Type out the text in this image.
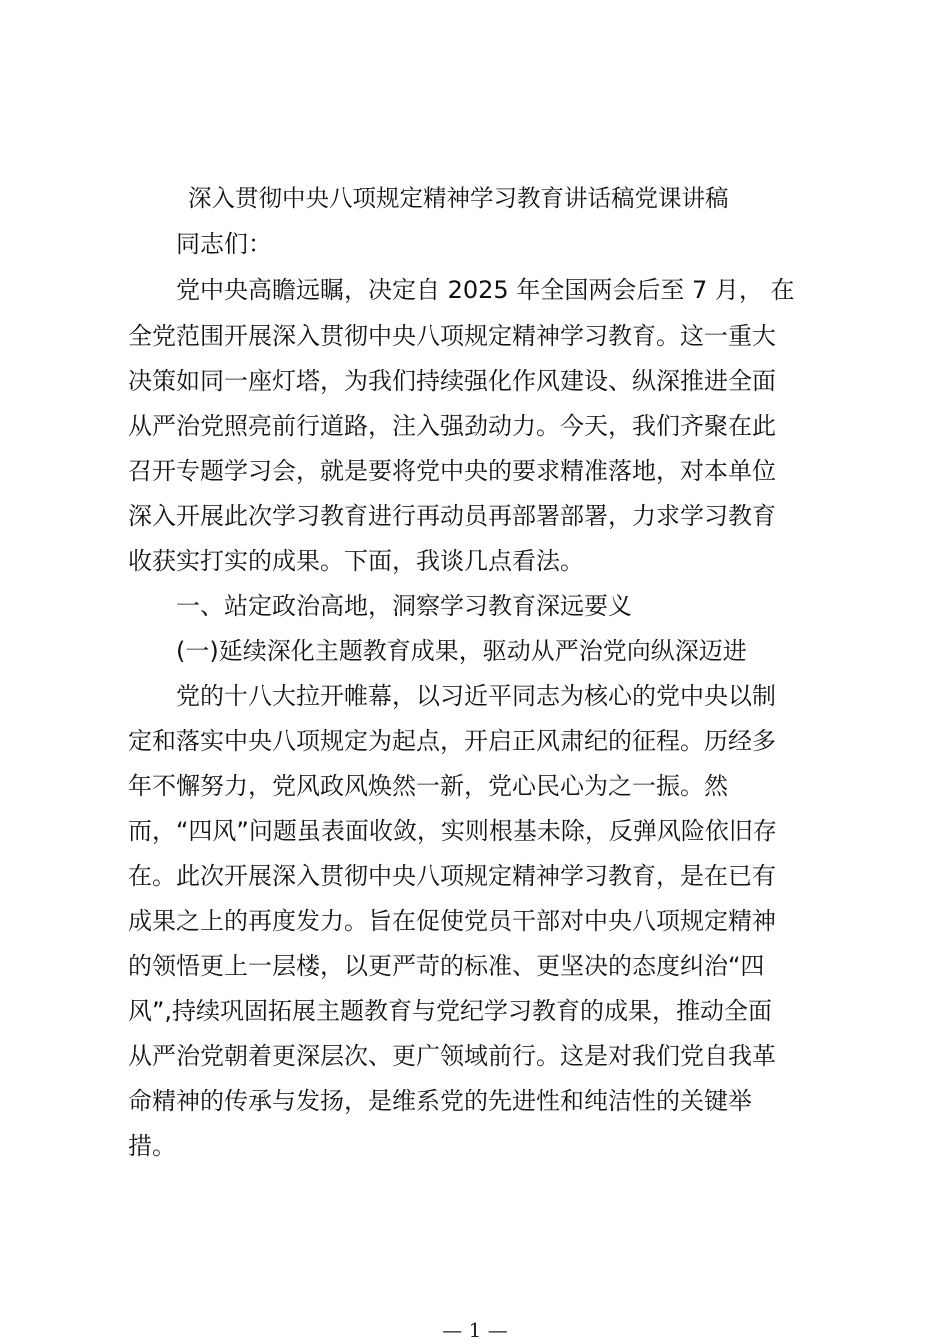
深入贯彻中央八项规定精神学习教育讲话稿党课讲稿
同志们：
党中央高瞻远瞩，决定自 2025 年全国两会后至 7 月， 在
全党范围开展深入贯彻中央八项规定精神学习教育。这一重大
决策如同一座灯塔，为我们持续强化作风建设、纵深推进全面
从严治党照亮前行道路，注入强劲动力。今天，我们齐聚在此
召开专题学习会，就是要将党中央的要求精准落地，对本单位
深入开展此次学习教育进行再动员再部署部署，力求学习教育
收获实打实的成果。下面，我谈几点看法。
一、站定政治高地，洞察学习教育深远要义
(一)延续深化主题教育成果，驱动从严治党向纵深迈进
党的十八大拉开帷幕，以习近平同志为核心的党中央以制
定和落实中央八项规定为起点，开启正风肃纪的征程。历经多
年不懈努力，党风政风焕然一新，党心民心为之一振。然
而，“四风”问题虽表面收敛，实则根基未除，反弹风险依旧存
在。此次开展深入贯彻中央八项规定精神学习教育，是在已有
成果之上的再度发力。旨在促使党员干部对中央八项规定精神
的领悟更上一层楼，以更严苛的标准、更坚决的态度纠治“四
风”,持续巩固拓展主题教育与党纪学习教育的成果，推动全面
从严治党朝着更深层次、更广领域前行。这是对我们党自我革
命精神的传承与发扬，是维系党的先进性和纯洁性的关键举
措。
— 1 —
